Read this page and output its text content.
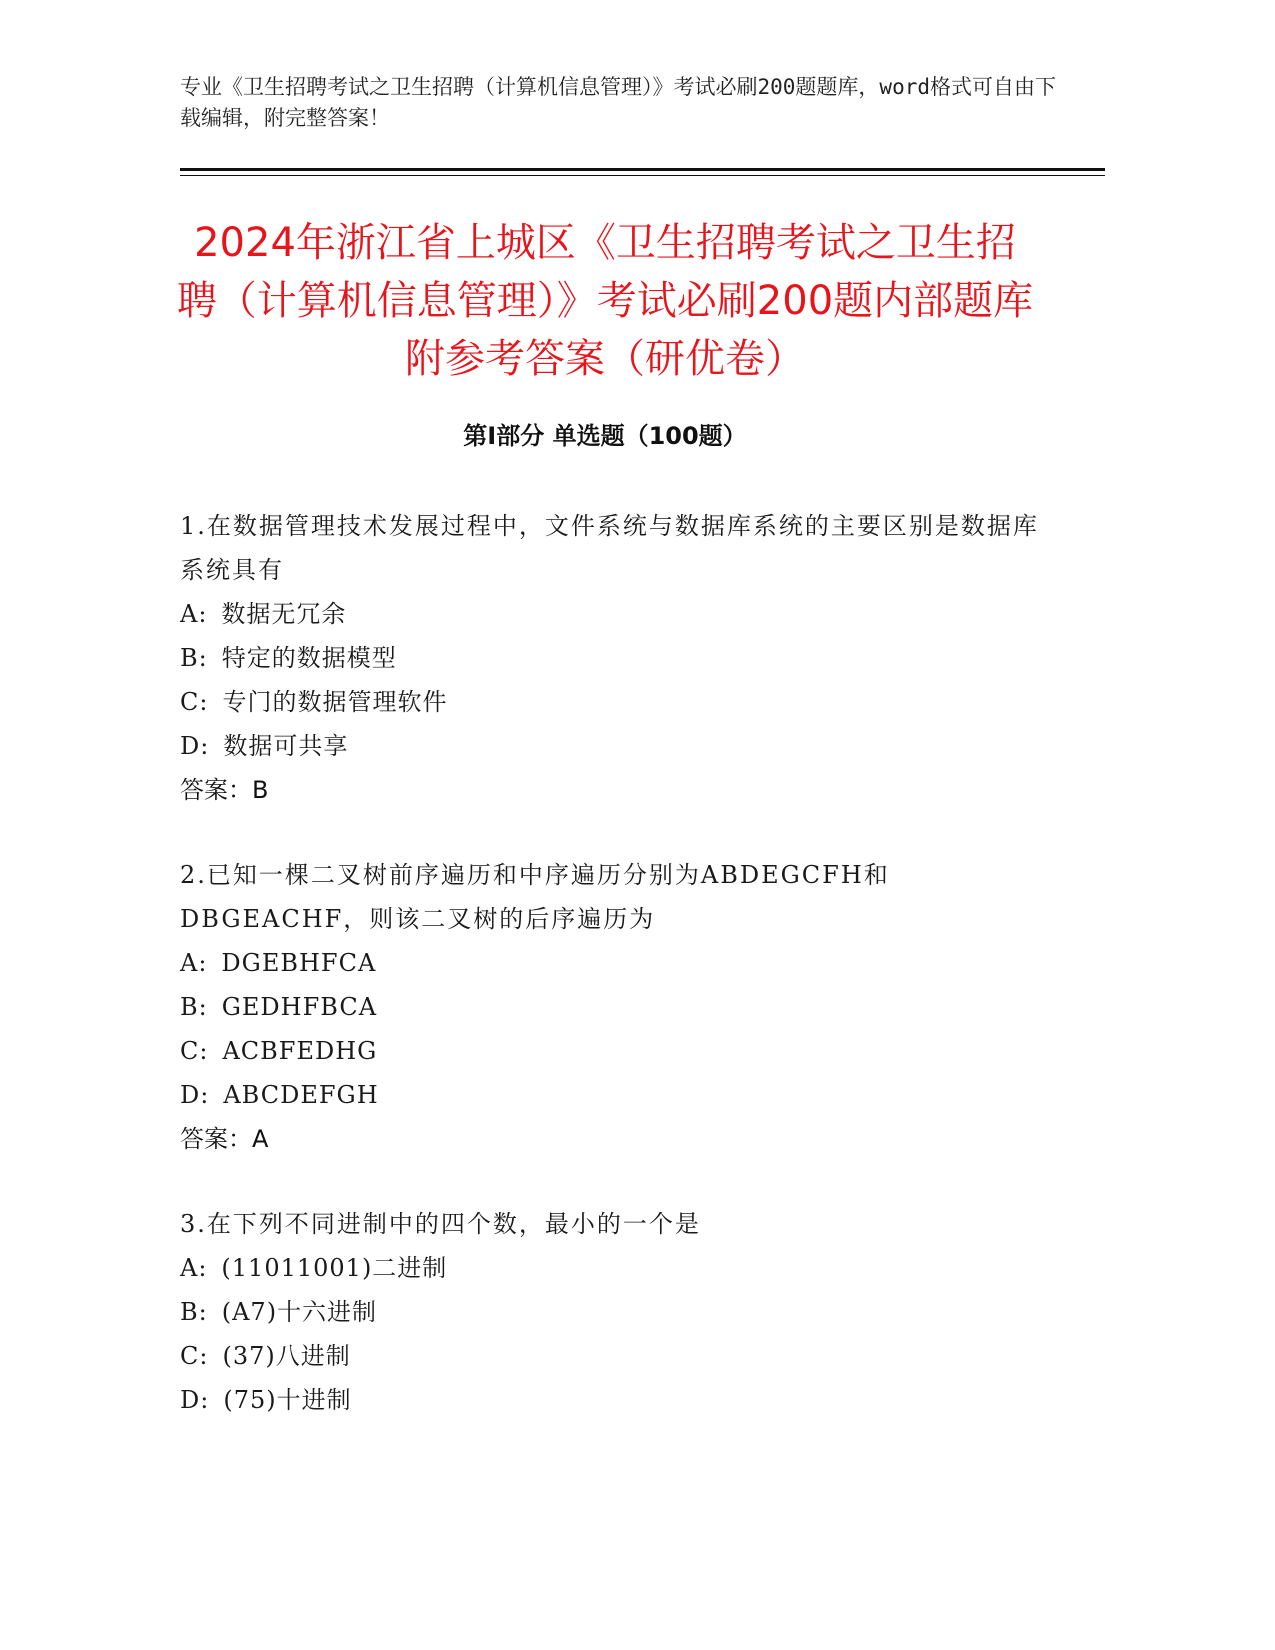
专业《卫生招聘考试之卫生招聘（计算机信息管理）》考试必刷200题题库，word格式可自由下载编辑，附完整答案！
2024年浙江省上城区《卫生招聘考试之卫生招聘（计算机信息管理）》考试必刷200题内部题库附参考答案（研优卷）
第Ⅰ部分 单选题（100题）
1.在数据管理技术发展过程中，文件系统与数据库系统的主要区别是数据库系统具有
A: 数据无冗余
B: 特定的数据模型
C: 专门的数据管理软件
D: 数据可共享
答案：B
2.已知一棵二叉树前序遍历和中序遍历分别为ABDEGCFH和DBGEACHF，则该二叉树的后序遍历为
A: DGEBHFCA
B: GEDHFBCA
C: ACBFEDHG
D: ABCDEFGH
答案：A
3.在下列不同进制中的四个数，最小的一个是
A: (11011001)二进制
B: (A7)十六进制
C: (37)八进制
D: (75)十进制
